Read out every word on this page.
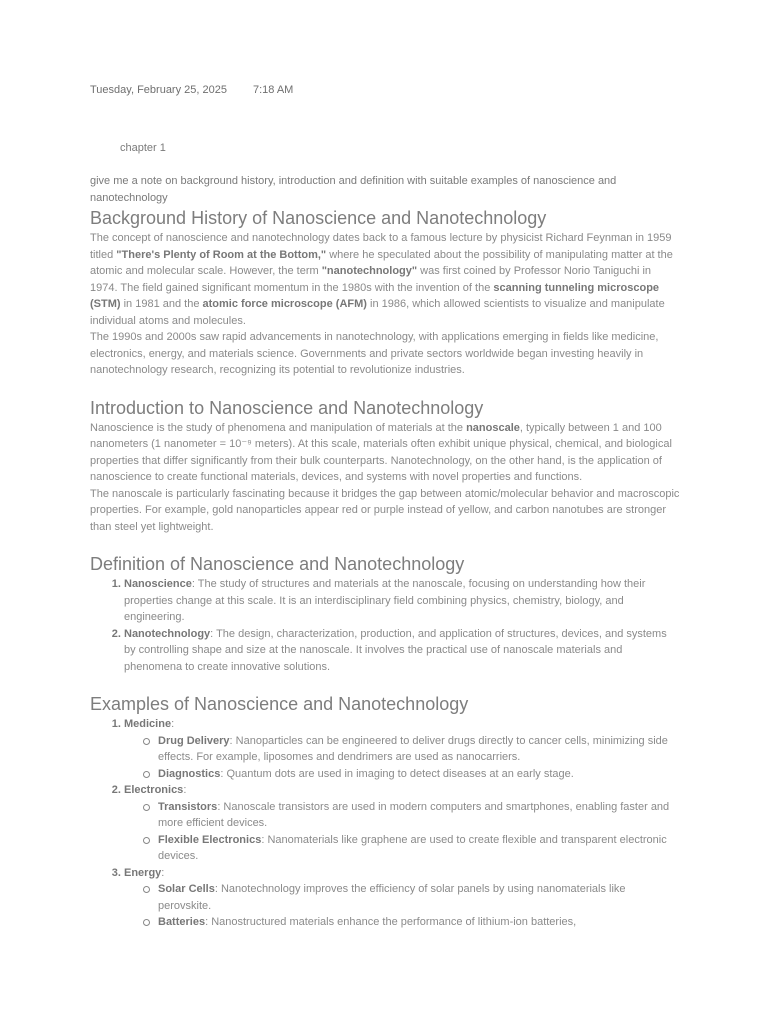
Tuesday, February 25, 2025 7:18 AM
chapter 1

give me a note on background history, introduction and definition with suitable examples of nanoscience and nanotechnology

Background History of Nanoscience and Nanotechnology

The concept of nanoscience and nanotechnology dates back to a famous lecture by physicist Richard Feynman in 1959 titled "There's Plenty of Room at the Bottom," where he speculated about the possibility of manipulating matter at the atomic and molecular scale. However, the term "nanotechnology" was first coined by Professor Norio Taniguchi in 1974. The field gained significant momentum in the 1980s with the invention of the scanning tunneling microscope (STM) in 1981 and the atomic force microscope (AFM) in 1986, which allowed scientists to visualize and manipulate individual atoms and molecules.

The 1990s and 2000s saw rapid advancements in nanotechnology, with applications emerging in fields like medicine, electronics, energy, and materials science. Governments and private sectors worldwide began investing heavily in nanotechnology research, recognizing its potential to revolutionize industries.

Introduction to Nanoscience and Nanotechnology

Nanoscience is the study of phenomena and manipulation of materials at the nanoscale, typically between 1 and 100 nanometers (1 nanometer = 10⁻⁹ meters). At this scale, materials often exhibit unique physical, chemical, and biological properties that differ significantly from their bulk counterparts. Nanotechnology, on the other hand, is the application of nanoscience to create functional materials, devices, and systems with novel properties and functions.

The nanoscale is particularly fascinating because it bridges the gap between atomic/molecular behavior and macroscopic properties. For example, gold nanoparticles appear red or purple instead of yellow, and carbon nanotubes are stronger than steel yet lightweight.

Definition of Nanoscience and Nanotechnology
1. Nanoscience: The study of structures and materials at the nanoscale, focusing on understanding how their properties change at this scale. It is an interdisciplinary field combining physics, chemistry, biology, and engineering.
2. Nanotechnology: The design, characterization, production, and application of structures, devices, and systems by controlling shape and size at the nanoscale. It involves the practical use of nanoscale materials and phenomena to create innovative solutions.
Examples of Nanoscience and Nanotechnology
1. Medicine:
Drug Delivery: Nanoparticles can be engineered to deliver drugs directly to cancer cells, minimizing side effects. For example, liposomes and dendrimers are used as nanocarriers.
Diagnostics: Quantum dots are used in imaging to detect diseases at an early stage.
2. Electronics:
Transistors: Nanoscale transistors are used in modern computers and smartphones, enabling faster and more efficient devices.
Flexible Electronics: Nanomaterials like graphene are used to create flexible and transparent electronic devices.
3. Energy:
Solar Cells: Nanotechnology improves the efficiency of solar panels by using nanomaterials like perovskite.
Batteries: Nanostructured materials enhance the performance of lithium-ion batteries,
